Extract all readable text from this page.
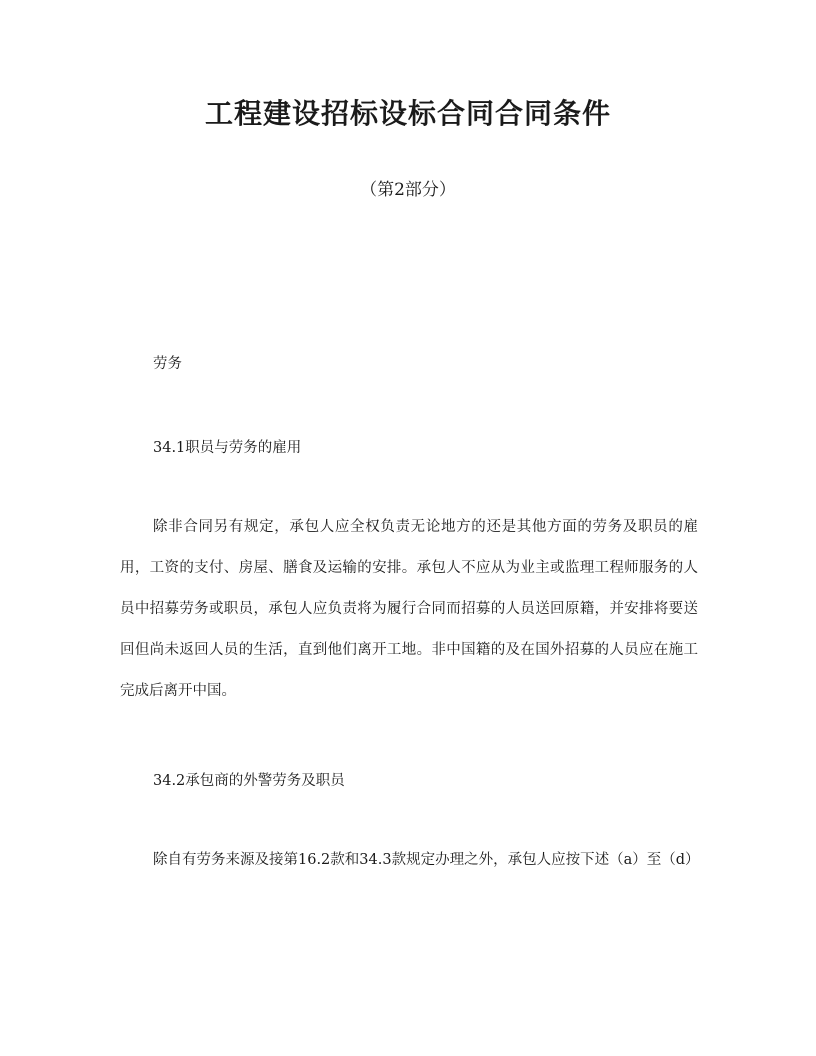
工程建设招标设标合同合同条件

（第2部分）

劳务

34.1职员与劳务的雇用

除非合同另有规定，承包人应全权负责无论地方的还是其他方面的劳务及职员的雇用，工资的支付、房屋、膳食及运输的安排。承包人不应从为业主或监理工程师服务的人员中招募劳务或职员，承包人应负责将为履行合同而招募的人员送回原籍，并安排将要送回但尚未返回人员的生活，直到他们离开工地。非中国籍的及在国外招募的人员应在施工完成后离开中国。

34.2承包商的外警劳务及职员

除自有劳务来源及接第16.2款和34.3款规定办理之外，承包人应按下述（a）至（d）
